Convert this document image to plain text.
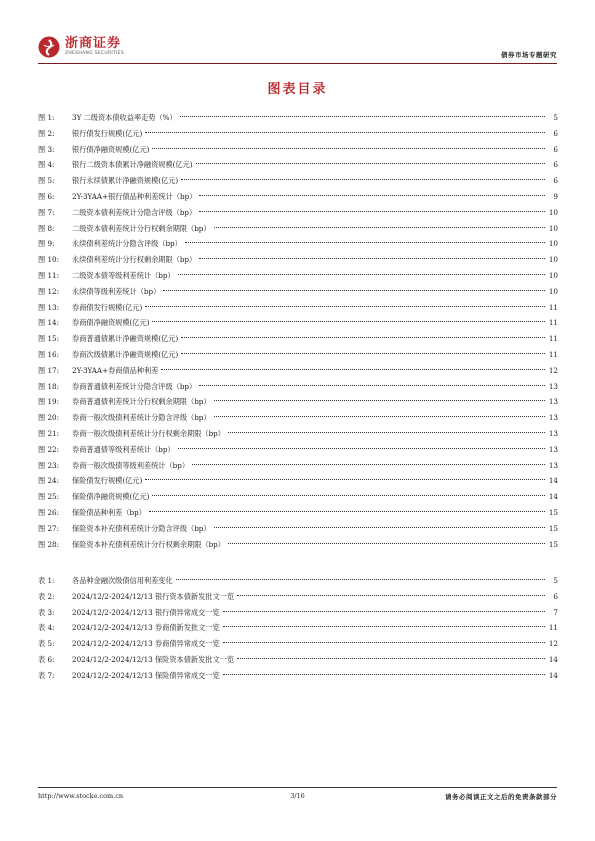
浙商证券
ZHESHANG SECURITIES	债券市场专题研究
图表目录
图 1:	3Y 二级资本债收益率走势（%）	5
图 2:	银行债发行规模(亿元)	6
图 3:	银行债净融资规模(亿元)	6
图 4:	银行二级资本债累计净融资规模(亿元)	6
图 5:	银行永续债累计净融资规模(亿元)	6
图 6:	2Y-3YAA+银行债品种利差统计（bp）	9
图 7:	二级资本债利差统计分隐含评级（bp）	10
图 8:	二级资本债利差统计分行权剩余期限（bp）	10
图 9:	永续债利差统计分隐含评级（bp）	10
图 10:	永续债利差统计分行权剩余期限（bp）	10
图 11:	二级资本债等级利差统计（bp）	10
图 12:	永续债等级利差统计（bp）	10
图 13:	券商债发行规模(亿元)	11
图 14:	券商债净融资规模(亿元)	11
图 15:	券商普通债累计净融资规模(亿元)	11
图 16:	券商次级债累计净融资规模(亿元)	11
图 17:	2Y-3YAA+券商债品种利差	12
图 18:	券商普通债利差统计分隐含评级（bp）	13
图 19:	券商普通债利差统计分行权剩余期限（bp）	13
图 20:	券商一般次级债利差统计分隐含评级（bp）	13
图 21:	券商一般次级债利差统计分行权剩余期限（bp）	13
图 22:	券商普通债等级利差统计（bp）	13
图 23:	券商一般次级债等级利差统计（bp）	13
图 24:	保险债发行规模(亿元)	14
图 25:	保险债净融资规模(亿元)	14
图 26:	保险债品种利差（bp）	15
图 27:	保险资本补充债利差统计分隐含评级（bp）	15
图 28:	保险资本补充债利差统计分行权剩余期限（bp）	15
表 1:	各品种金融次级债信用利差变化	5
表 2:	2024/12/2-2024/12/13 银行资本债新发批文一览	6
表 3:	2024/12/2-2024/12/13 银行债异常成交一览	7
表 4:	2024/12/2-2024/12/13 券商债新发批文一览	11
表 5:	2024/12/2-2024/12/13 券商债异常成交一览	12
表 6:	2024/12/2-2024/12/13 保险资本债新发批文一览	14
表 7:	2024/12/2-2024/12/13 保险债异常成交一览	14
http://www.stocke.com.cn	3/16	请务必阅读正文之后的免责条款部分
